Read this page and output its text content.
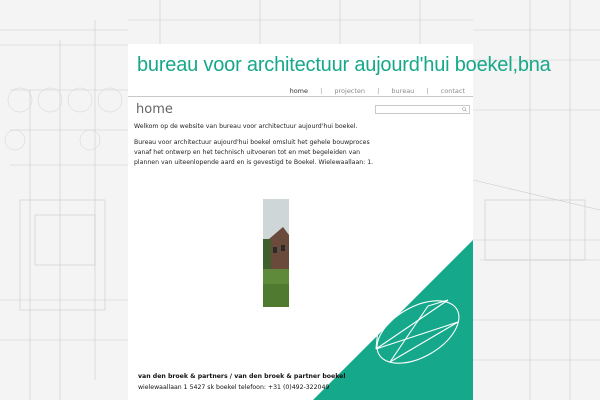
bureau voor architectuur aujourd'hui boekel,bna
home | projecten | bureau | contact
home

Welkom op de website van bureau voor architectuur aujourd'hui boekel.

Bureau voor architectuur aujourd'hui boekel omsluit het gehele bouwproces vanaf het ontwerp en het technisch uitvoeren tot en met begeleiden van plannen van uiteenlopende aard en is gevestigd te Boekel. Wielewaallaan: 1.

van den broek & partners / van den broek & partner boekel
wielewaallaan 1 5427 sk boekel telefoon: +31 (0)492-322049
